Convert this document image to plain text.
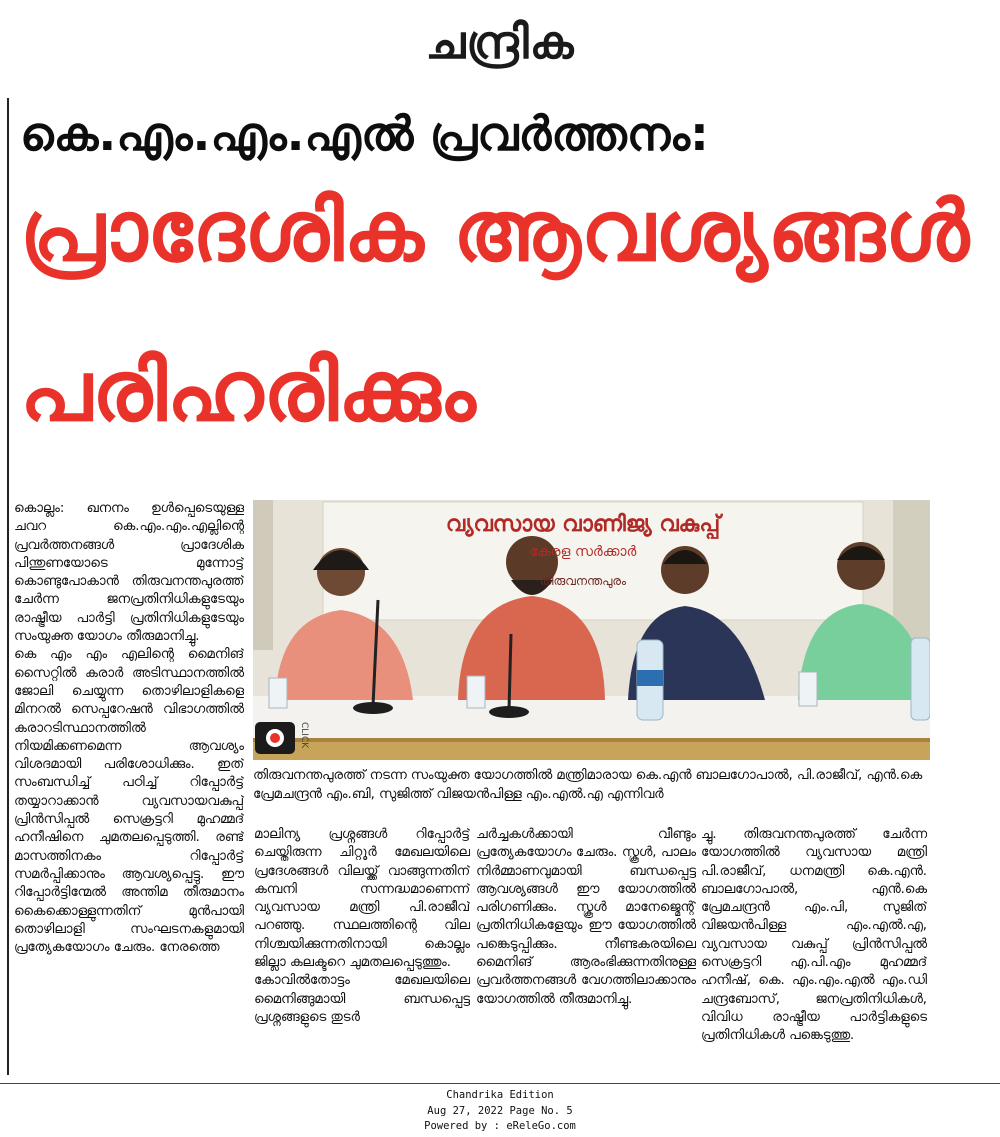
ചന്ദ്രിക
കെ.എം.എം.എൽ പ്രവർത്തനം:
പ്രാദേശിക ആവശ്യങ്ങൾ
പരിഹരിക്കും

കൊല്ലം: ഖനനം ഉൾപ്പെടെയുള്ള ചവറ കെ.എം.എം.എല്ലിന്റെ പ്രവർത്തനങ്ങൾ പ്രാദേശിക പിന്തുണയോടെ മുന്നോട്ട് കൊണ്ടുപോകാൻ തിരുവനന്തപുരത്ത് ചേർന്ന ജനപ്രതിനിധികളുടേയും രാഷ്ട്രീയ പാർട്ടി പ്രതിനിധികളുടേയും സംയുക്ത യോഗം തീരുമാനിച്ചു.

കെ എം എം എലിന്റെ മൈനിങ് സൈറ്റിൽ കരാർ അടിസ്ഥാനത്തിൽ ജോലി ചെയ്യുന്ന തൊഴിലാളികളെ മിനറൽ സെപ്പറേഷൻ വിഭാഗത്തിൽ കരാറടിസ്ഥാനത്തിൽ നിയമിക്കണമെന്ന ആവശ്യം വിശദമായി പരിശോധിക്കും. ഇത് സംബന്ധിച്ച് പഠിച്ച് റിപ്പോർട്ട് തയ്യാറാക്കാൻ വ്യവസായവകുപ്പ് പ്രിൻസിപ്പൽ സെക്രട്ടറി മുഹമ്മദ് ഹനീഷിനെ ചുമതലപ്പെടുത്തി. രണ്ട് മാസത്തിനകം റിപ്പോർട്ട് സമർപ്പിക്കാനും ആവശ്യപ്പെട്ടു. ഈ റിപ്പോർട്ടിന്മേൽ അന്തിമ തീരുമാനം കൈക്കൊള്ളുന്നതിന് മുൻപായി തൊഴിലാളി സംഘടനകളുമായി പ്രത്യേകയോഗം ചേരും. നേരത്തെ

വ്യവസായ വാണിജ്യ വകുപ്പ്
കേരള സർക്കാർ
തിരുവനന്തപുരം
CLICK
തിരുവനന്തപുരത്ത് നടന്ന സംയുക്ത യോഗത്തിൽ മന്ത്രിമാരായ കെ.എൻ ബാലഗോപാൽ, പി.രാജീവ്, എൻ.കെ പ്രേമചന്ദ്രൻ എം.ബി, സുജിത്ത് വിജയൻപിള്ള എം.എൽ.എ എന്നിവർ

മാലിന്യ പ്രശ്നങ്ങൾ റിപ്പോർട്ട് ചെയ്തിരുന്ന ചിറ്റൂർ മേഖലയിലെ പ്രദേശങ്ങൾ വിലയ്ക്ക് വാങ്ങുന്നതിന് കമ്പനി സന്നദ്ധമാണെന്ന് വ്യവസായ മന്ത്രി പി.രാജീവ് പറഞ്ഞു. സ്ഥലത്തിന്റെ വില നിശ്ചയിക്കുന്നതിനായി കൊല്ലം ജില്ലാ കലക്ടറെ ചുമതലപ്പെടുത്തും.

കോവിൽതോട്ടം മേഖലയിലെ മൈനിങ്ങുമായി ബന്ധപ്പെട്ട പ്രശ്നങ്ങളുടെ തുടർ

ചർച്ചകൾക്കായി വീണ്ടും പ്രത്യേകയോഗം ചേരും. സ്കൂൾ, പാലം നിർമ്മാണവുമായി ബന്ധപ്പെട്ട ആവശ്യങ്ങൾ ഈ യോഗത്തിൽ പരിഗണിക്കും. സ്കൂൾ മാനേജ്മെന്റ് പ്രതിനിധികളേയും ഈ യോഗത്തിൽ പങ്കെടുപ്പിക്കും. നീണ്ടകരയിലെ മൈനിങ് ആരംഭിക്കുന്നതിനുള്ള പ്രവർത്തനങ്ങൾ വേഗത്തിലാക്കാനും യോഗത്തിൽ തീരുമാനിച്ചു.

ച്ചു. തിരുവനന്തപുരത്ത് ചേർന്ന യോഗത്തിൽ വ്യവസായ മന്ത്രി പി.രാജീവ്, ധനമന്ത്രി കെ.എൻ. ബാലഗോപാൽ, എൻ.കെ പ്രേമചന്ദ്രൻ എം.പി, സുജിത് വിജയൻപിള്ള എം.എൽ.എ, വ്യവസായ വകുപ്പ് പ്രിൻസിപ്പൽ സെക്രട്ടറി എ.പി.എം മുഹമ്മദ് ഹനീഷ്, കെ. എം.എം.എൽ എം.ഡി ചന്ദ്രബോസ്, ജനപ്രതിനിധികൾ, വിവിധ രാഷ്ട്രീയ പാർട്ടികളുടെ പ്രതിനിധികൾ പങ്കെടുത്തു.

Chandrika Edition
Aug 27, 2022 Page No. 5
Powered by : eReleGo.com
